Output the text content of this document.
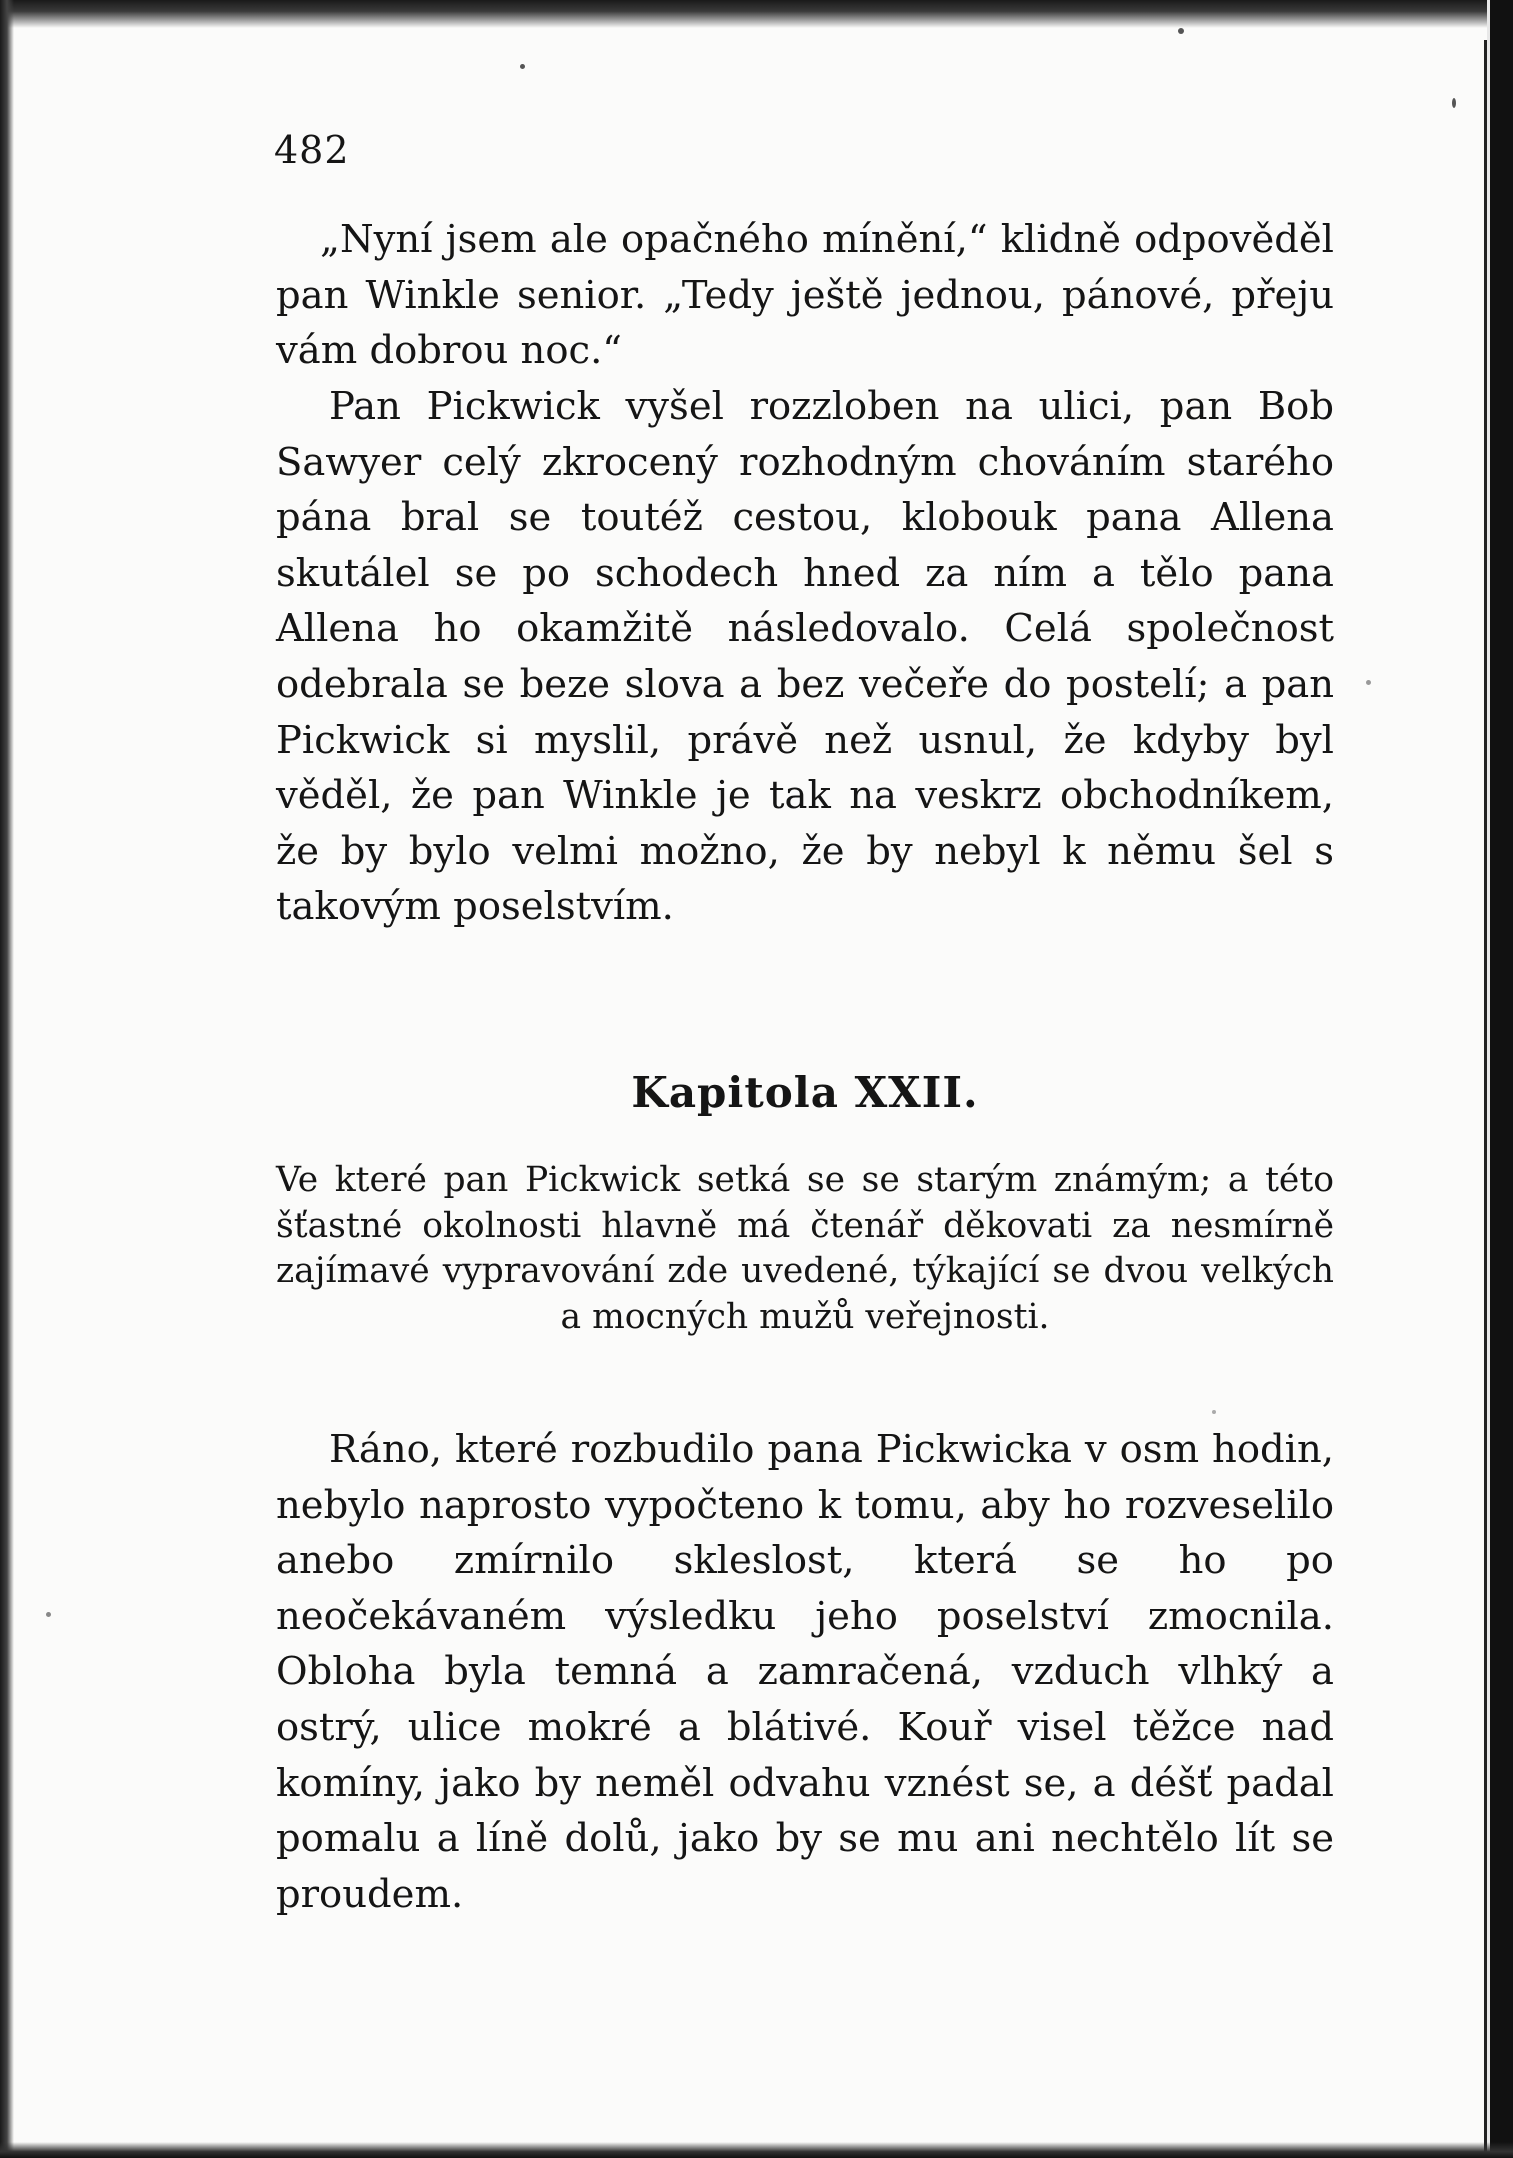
482

„Nyní jsem ale opačného mínění,“ klidně odpověděl pan Winkle senior. „Tedy ještě jednou, pánové, přeju vám dobrou noc.“

Pan Pickwick vyšel rozzloben na ulici, pan Bob Sawyer celý zkrocený rozhodným chováním starého pána bral se toutéž cestou, klobouk pana Allena skutálel se po schodech hned za ním a tělo pana Allena ho okamžitě následovalo. Celá společnost odebrala se beze slova a bez večeře do postelí; a pan Pickwick si myslil, právě než usnul, že kdyby byl věděl, že pan Winkle je tak na veskrz obchodníkem, že by bylo velmi možno, že by nebyl k němu šel s takovým poselstvím.

Kapitola XXII.

Ve které pan Pickwick setká se se starým známým; a této šťastné okolnosti hlavně má čtenář děkovati za nesmírně zajímavé vypravování zde uvedené, týkající se dvou velkých a mocných mužů veřejnosti.

Ráno, které rozbudilo pana Pickwicka v osm hodin, nebylo naprosto vypočteno k tomu, aby ho rozveselilo anebo zmírnilo skleslost, která se ho po neočekávaném výsledku jeho poselství zmocnila. Obloha byla temná a zamračená, vzduch vlhký a ostrý, ulice mokré a blátivé. Kouř visel těžce nad komíny, jako by neměl odvahu vznést se, a déšť padal pomalu a líně dolů, jako by se mu ani nechtělo lít se proudem.
